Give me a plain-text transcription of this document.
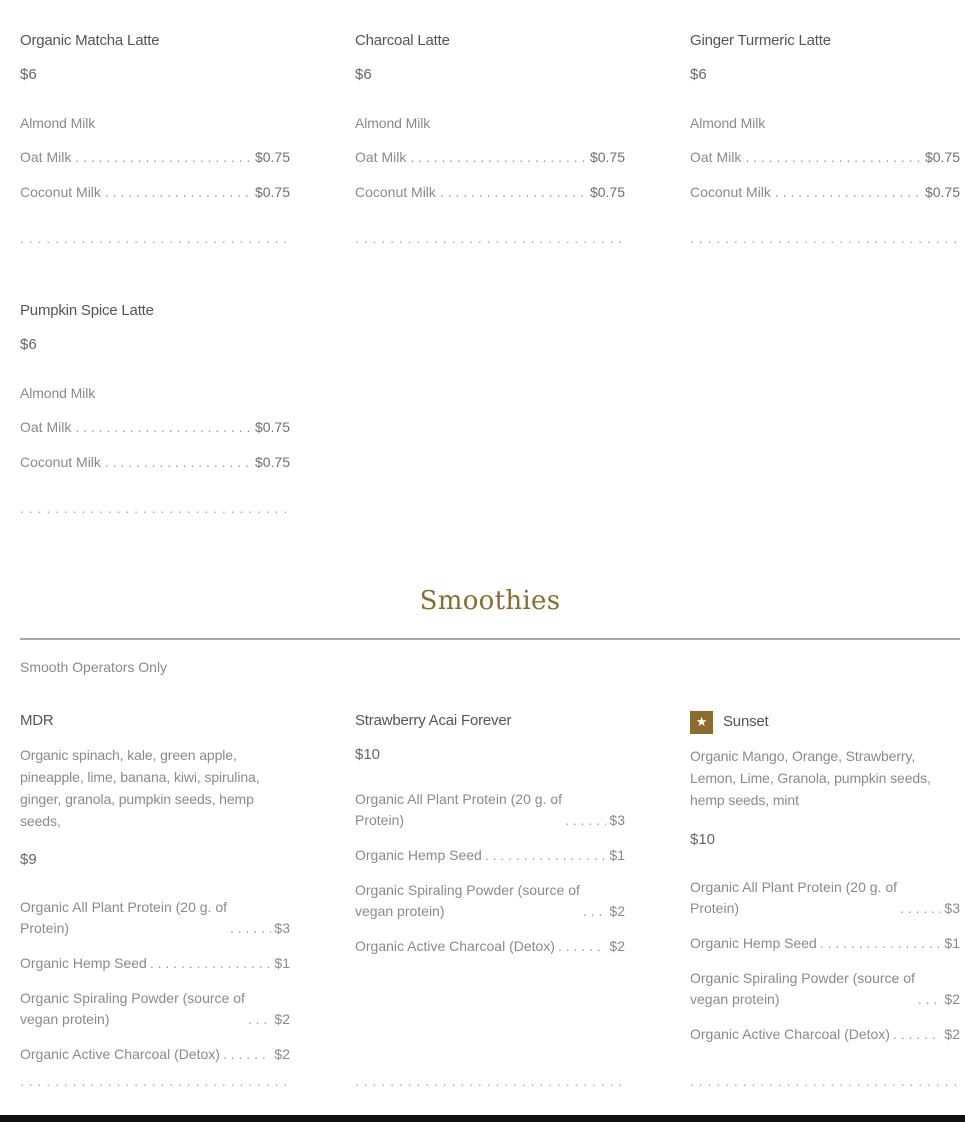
Organic Matcha Latte
$6
Almond Milk
Oat Milk . . .	$0.75
Coconut Milk . . .	$0.75
. . .
Charcoal Latte
$6
Almond Milk
Oat Milk . . .	$0.75
Coconut Milk . . .	$0.75
. . .
Ginger Turmeric Latte
$6
Almond Milk
Oat Milk . . .	$0.75
Coconut Milk . . .	$0.75
. . .
Pumpkin Spice Latte
$6
Almond Milk
Oat Milk . . .	$0.75
Coconut Milk . . .	$0.75
. . .
Smoothies
Smooth Operators Only
MDR
Organic spinach, kale, green apple, pineapple, lime, banana, kiwi, spirulina, ginger, granola, pumpkin seeds, hemp seeds,
$9
Organic All Plant Protein (20 g. of
Protein) . . .	$3
Organic Hemp Seed . . .	$1
Organic Spiraling Powder (source of
vegan protein) . . .	$2
Organic Active Charcoal (Detox) . . .	$2
. . .
Strawberry Acai Forever
$10
Organic All Plant Protein (20 g. of
Protein) . . .	$3
Organic Hemp Seed . . .	$1
Organic Spiraling Powder (source of
vegan protein) . . .	$2
Organic Active Charcoal (Detox) . . .	$2
. . .
★ Sunset
Organic Mango, Orange, Strawberry, Lemon, Lime, Granola, pumpkin seeds, hemp seeds, mint
$10
Organic All Plant Protein (20 g. of
Protein) . . .	$3
Organic Hemp Seed . . .	$1
Organic Spiraling Powder (source of
vegan protein) . . .	$2
Organic Active Charcoal (Detox) . . .	$2
. . .
